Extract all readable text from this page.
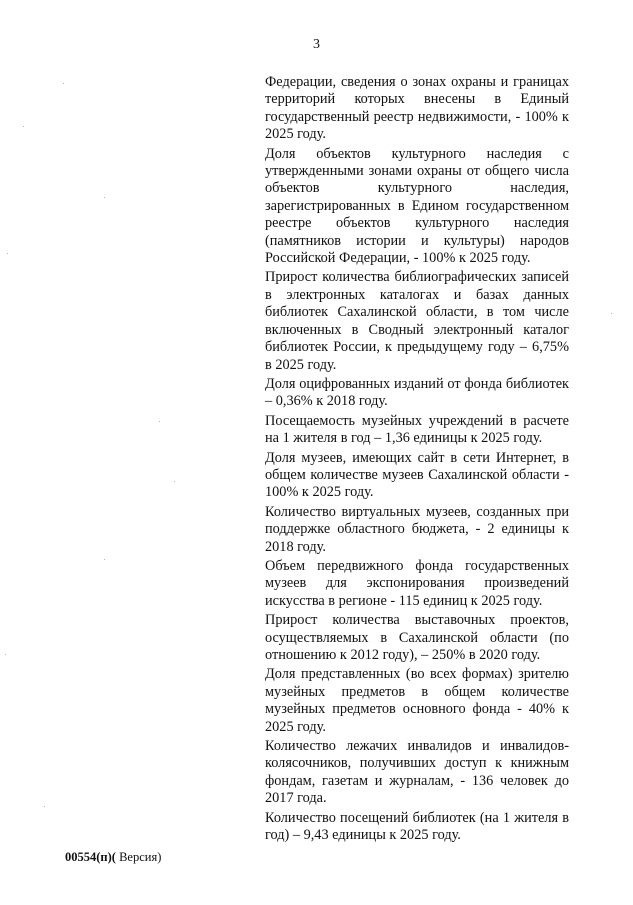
3

Федерации, сведения о зонах охраны и границах территорий которых внесены в Единый государственный реестр недвижимости, - 100% к 2025 году.

Доля объектов культурного наследия с утвержденными зонами охраны от общего числа объектов культурного наследия, зарегистрированных в Едином государственном реестре объектов культурного наследия (памятников истории и культуры) народов Российской Федерации, - 100% к 2025 году.

Прирост количества библиографических записей в электронных каталогах и базах данных библиотек Сахалинской области, в том числе включенных в Сводный электронный каталог библиотек России, к предыдущему году – 6,75% в 2025 году.

Доля оцифрованных изданий от фонда библиотек – 0,36% к 2018 году.

Посещаемость музейных учреждений в расчете на 1 жителя в год – 1,36 единицы к 2025 году.

Доля музеев, имеющих сайт в сети Интернет, в общем количестве музеев Сахалинской области - 100% к 2025 году.

Количество виртуальных музеев, созданных при поддержке областного бюджета, - 2 единицы к 2018 году.

Объем передвижного фонда государственных музеев для экспонирования произведений искусства в регионе - 115 единиц к 2025 году.

Прирост количества выставочных проектов, осуществляемых в Сахалинской области (по отношению к 2012 году), – 250% в 2020 году.

Доля представленных (во всех формах) зрителю музейных предметов в общем количестве музейных предметов основного фонда - 40% к 2025 году.

Количество лежачих инвалидов и инвалидов-колясочников, получивших доступ к книжным фондам, газетам и журналам, - 136 человек до 2017 года.

Количество посещений библиотек (на 1 жителя в год) – 9,43 единицы к 2025 году.

00554(п)( Версия)
